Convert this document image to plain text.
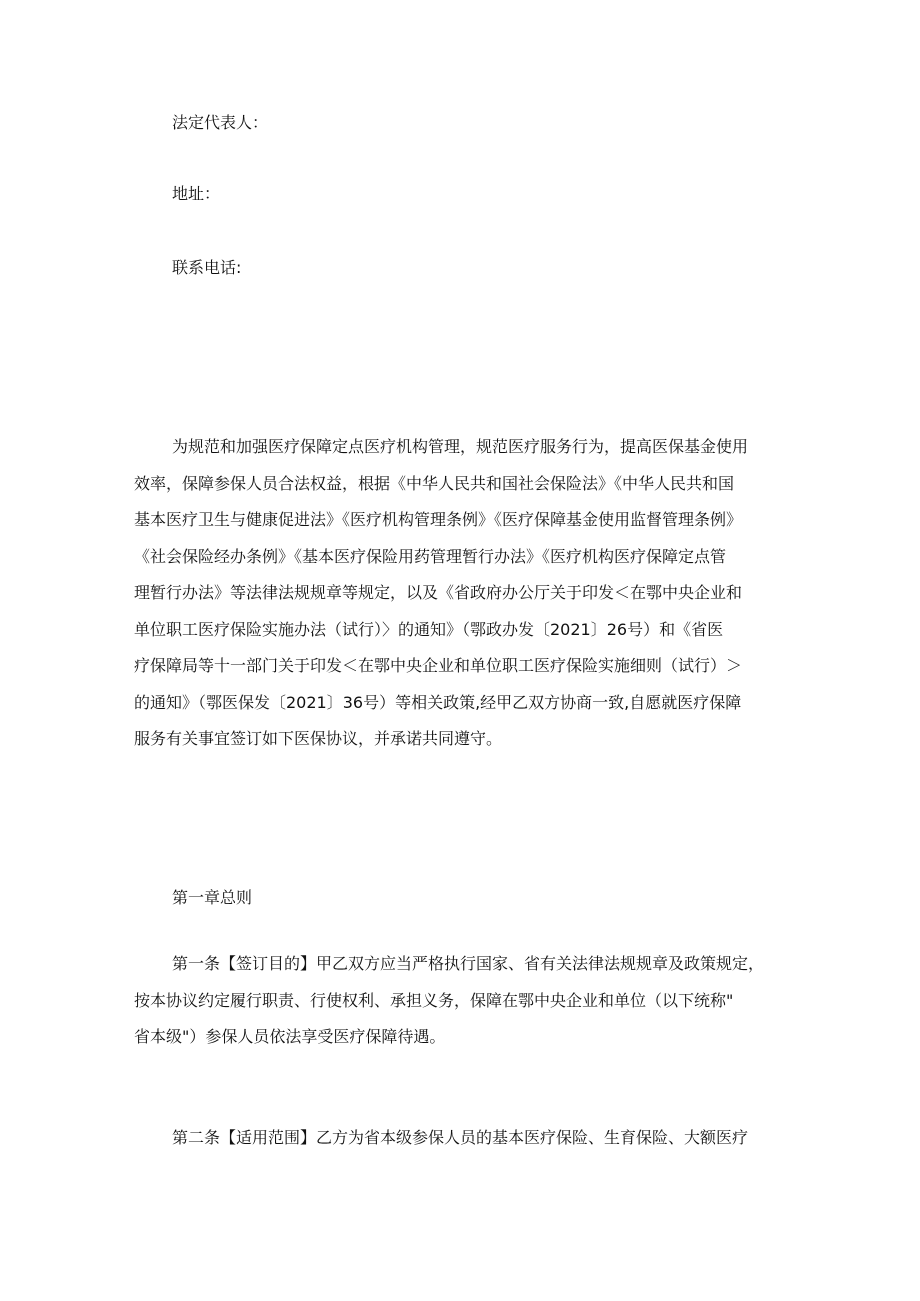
法定代表人：

地址：

联系电话:

为规范和加强医疗保障定点医疗机构管理，规范医疗服务行为，提高医保基金使用
效率，保障参保人员合法权益，根据《中华人民共和国社会保险法》《中华人民共和国
基本医疗卫生与健康促进法》《医疗机构管理条例》《医疗保障基金使用监督管理条例》
《社会保险经办条例》《基本医疗保险用药管理暂行办法》《医疗机构医疗保障定点管
理暂行办法》等法律法规规章等规定，以及《省政府办公厅关于印发＜在鄂中央企业和
单位职工医疗保险实施办法（试行）〉的通知》（鄂政办发〔2021〕26号）和《省医
疗保障局等十一部门关于印发＜在鄂中央企业和单位职工医疗保险实施细则（试行）＞
的通知》（鄂医保发〔2021〕36号）等相关政策,经甲乙双方协商一致,自愿就医疗保障
服务有关事宜签订如下医保协议，并承诺共同遵守。

第一章总则

第一条【签订目的】甲乙双方应当严格执行国家、省有关法律法规规章及政策规定，
按本协议约定履行职责、行使权利、承担义务，保障在鄂中央企业和单位（以下统称"
省本级"）参保人员依法享受医疗保障待遇。

第二条【适用范围】乙方为省本级参保人员的基本医疗保险、生育保险、大额医疗
